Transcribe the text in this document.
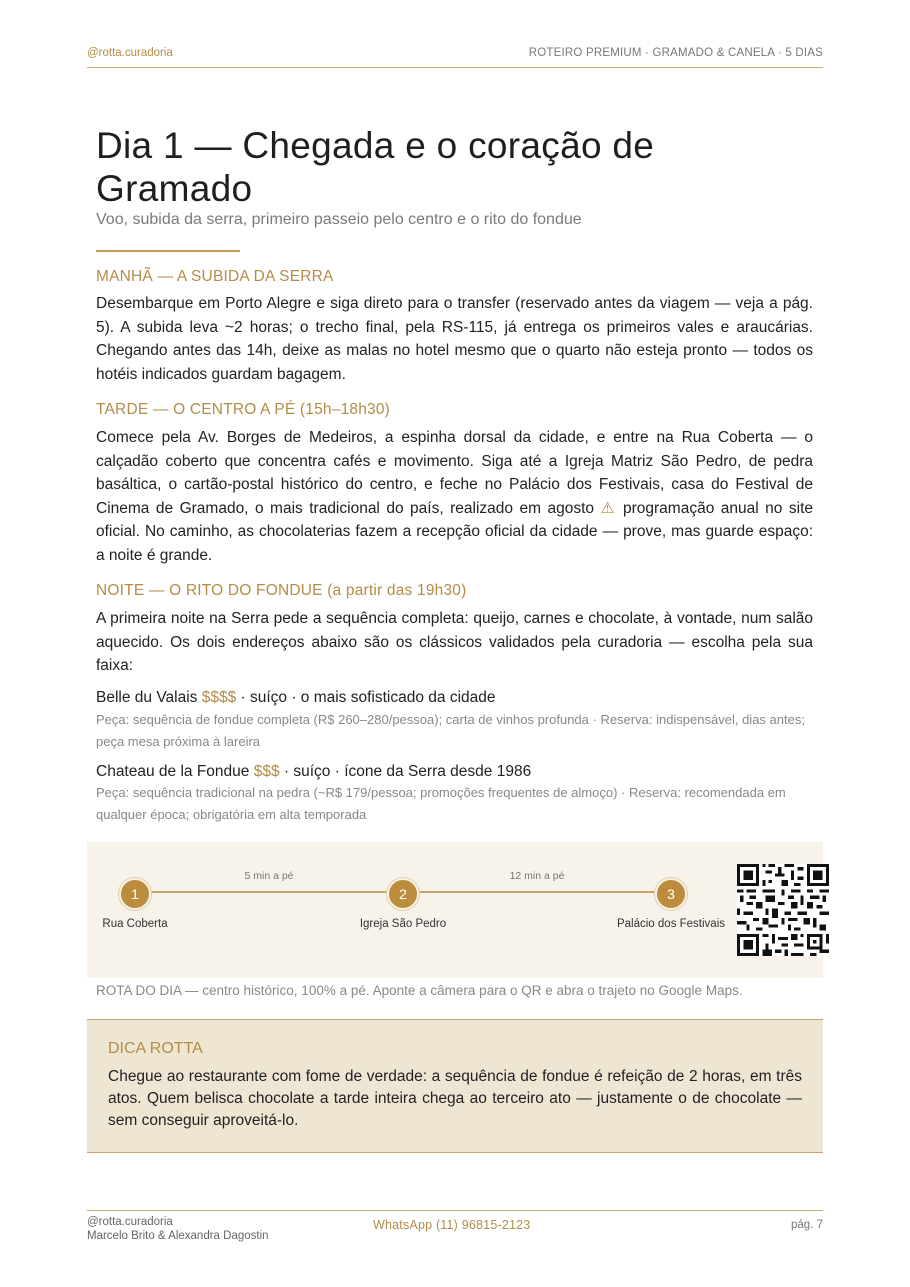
@rotta.curadoria	ROTEIRO PREMIUM · GRAMADO & CANELA · 5 DIAS
Dia 1 — Chegada e o coração de Gramado
Voo, subida da serra, primeiro passeio pelo centro e o rito do fondue
MANHÃ — A SUBIDA DA SERRA

Desembarque em Porto Alegre e siga direto para o transfer (reservado antes da viagem — veja a pág. 5). A subida leva ~2 horas; o trecho final, pela RS-115, já entrega os primeiros vales e araucárias. Chegando antes das 14h, deixe as malas no hotel mesmo que o quarto não esteja pronto — todos os hotéis indicados guardam bagagem.

TARDE — O CENTRO A PÉ (15h–18h30)

Comece pela Av. Borges de Medeiros, a espinha dorsal da cidade, e entre na Rua Coberta — o calçadão coberto que concentra cafés e movimento. Siga até a Igreja Matriz São Pedro, de pedra basáltica, o cartão-postal histórico do centro, e feche no Palácio dos Festivais, casa do Festival de Cinema de Gramado, o mais tradicional do país, realizado em agosto ⚠ programação anual no site oficial. No caminho, as chocolaterias fazem a recepção oficial da cidade — prove, mas guarde espaço: a noite é grande.

NOITE — O RITO DO FONDUE (a partir das 19h30)

A primeira noite na Serra pede a sequência completa: queijo, carnes e chocolate, à vontade, num salão aquecido. Os dois endereços abaixo são os clássicos validados pela curadoria — escolha pela sua faixa:

Belle du Valais $$$$ · suíço · o mais sofisticado da cidade
Peça: sequência de fondue completa (R$ 260–280/pessoa); carta de vinhos profunda · Reserva: indispensável, dias antes; peça mesa próxima à lareira
Chateau de la Fondue $$$ · suíço · ícone da Serra desde 1986
Peça: sequência tradicional na pedra (~R$ 179/pessoa; promoções frequentes de almoço) · Reserva: recomendada em qualquer época; obrigatória em alta temporada
5 min a pé	12 min a pé
1	2	3
Rua Coberta	Igreja São Pedro	Palácio dos Festivais
ROTA DO DIA — centro histórico, 100% a pé. Aponte a câmera para o QR e abra o trajeto no Google Maps.
DICA ROTTA

Chegue ao restaurante com fome de verdade: a sequência de fondue é refeição de 2 horas, em três atos. Quem belisca chocolate a tarde inteira chega ao terceiro ato — justamente o de chocolate — sem conseguir aproveitá-lo.

@rotta.curadoria
Marcelo Brito & Alexandra Dagostin
WhatsApp (11) 96815-2123	pág. 7
